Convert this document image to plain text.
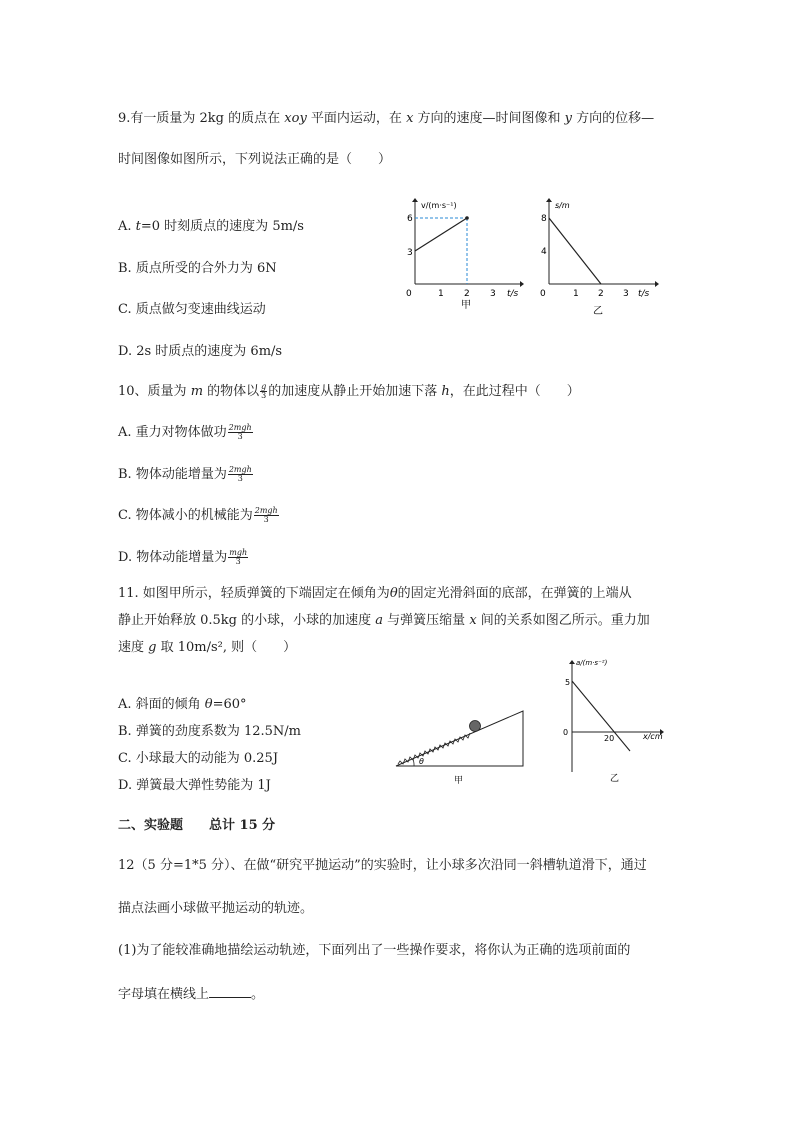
9.有一质量为 2kg 的质点在 xoy 平面内运动，在 x 方向的速度—时间图像和 y 方向的位移—
时间图像如图所示，下列说法正确的是（　　）
A. t=0 时刻质点的速度为 5m/s
B. 质点所受的合外力为 6N
C. 质点做匀变速曲线运动
D. 2s 时质点的速度为 6m/s
v/(m·s⁻¹)
t/s
0
3
6
1 2 3
甲
s/m
t/s
0
4
8
1 2 3
乙
10、质量为 m 的物体以 $\frac{g}{3}$ 的加速度从静止开始加速下落 h，在此过程中（　　）
A. 重力对物体做功 $\frac{\text{2mgh}}{3}$
B. 物体动能增量为 $\frac{\text{2mgh}}{3}$
C. 物体减小的机械能为 $\frac{\text{2mgh}}{3}$
D. 物体动能增量为 $\frac{\text{mgh}}{3}$
11. 如图甲所示，轻质弹簧的下端固定在倾角为θ的固定光滑斜面的底部，在弹簧的上端从
静止开始释放 0.5kg 的小球，小球的加速度 a 与弹簧压缩量 x 间的关系如图乙所示。重力加
速度 g 取 10m/s², 则（　　）
A. 斜面的倾角 θ=60°
B. 弹簧的劲度系数为 12.5N/m
C. 小球最大的动能为 0.25J
D. 弹簧最大弹性势能为 1J
θ
甲
a/(m·s⁻²)
x/cm
0
5
20
乙
二、实验题 总计 15 分
12（5 分=1*5 分）、在做“研究平抛运动”的实验时，让小球多次沿同一斜槽轨道滑下，通过
描点法画小球做平抛运动的轨迹。
(1)为了能较准确地描绘运动轨迹，下面列出了一些操作要求，将你认为正确的选项前面的
字母填在横线上	。
